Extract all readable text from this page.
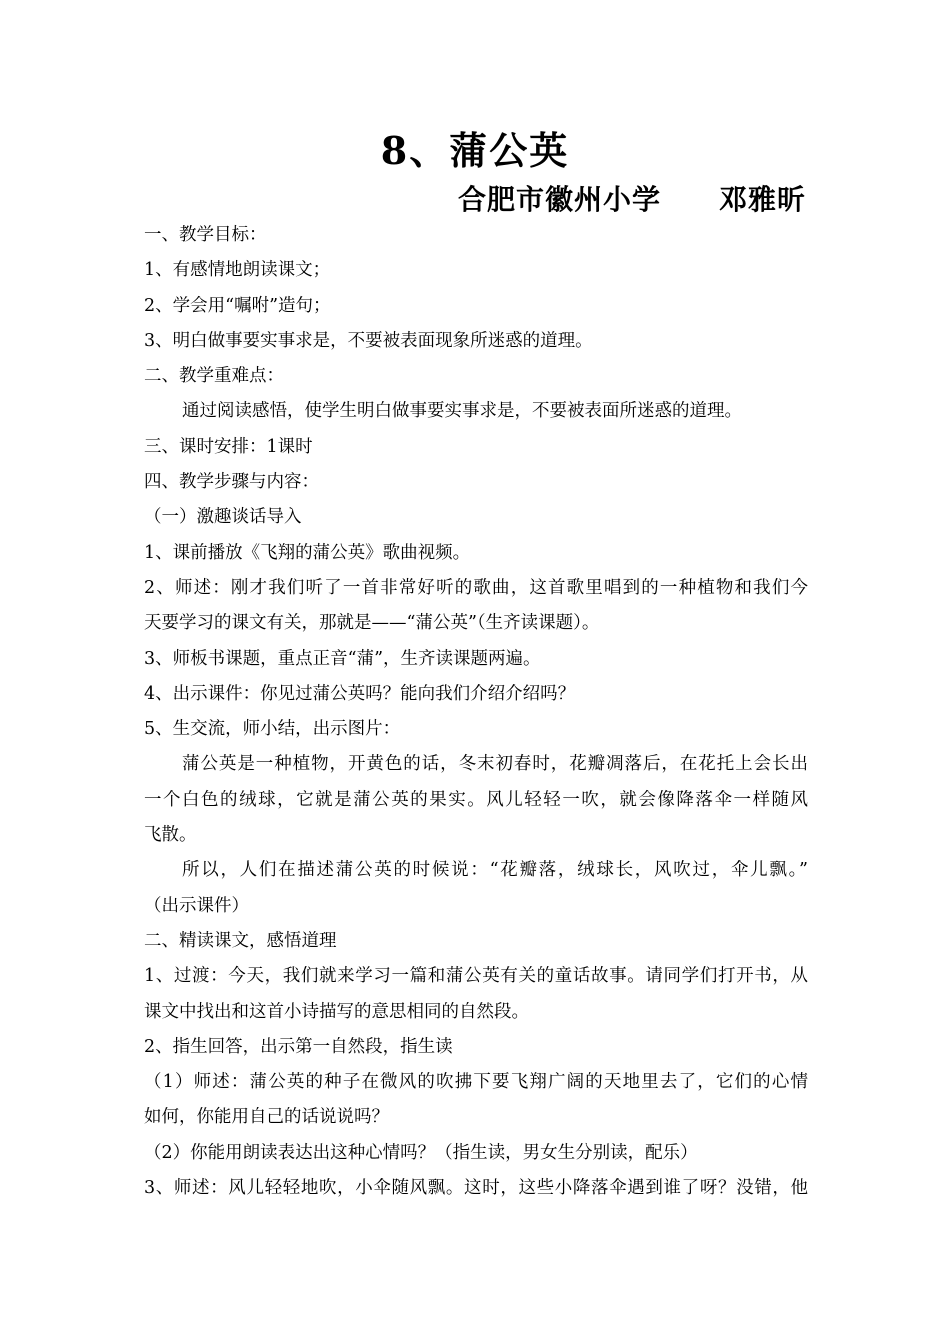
8、蒲公英
合肥市徽州小学　　邓雅昕
一、教学目标：
1、有感情地朗读课文；
2、学会用“嘱咐”造句；
3、明白做事要实事求是，不要被表面现象所迷惑的道理。
二、教学重难点：
通过阅读感悟，使学生明白做事要实事求是，不要被表面所迷惑的道理。
三、课时安排：1课时
四、教学步骤与内容：
（一）激趣谈话导入
1、课前播放《飞翔的蒲公英》歌曲视频。
2、师述：刚才我们听了一首非常好听的歌曲，这首歌里唱到的一种植物和我们今
天要学习的课文有关，那就是——“蒲公英”（生齐读课题）。
3、师板书课题，重点正音“蒲”，生齐读课题两遍。
4、出示课件：你见过蒲公英吗？能向我们介绍介绍吗？
5、生交流，师小结，出示图片：
蒲公英是一种植物，开黄色的话，冬末初春时，花瓣凋落后，在花托上会长出
一个白色的绒球，它就是蒲公英的果实。风儿轻轻一吹，就会像降落伞一样随风
飞散。
所以，人们在描述蒲公英的时候说：“花瓣落，绒球长，风吹过，伞儿飘。”
（出示课件）
二、精读课文，感悟道理
1、过渡：今天，我们就来学习一篇和蒲公英有关的童话故事。请同学们打开书，从
课文中找出和这首小诗描写的意思相同的自然段。
2、指生回答，出示第一自然段，指生读
（1）师述：蒲公英的种子在微风的吹拂下要飞翔广阔的天地里去了，它们的心情
如何，你能用自己的话说说吗？
（2）你能用朗读表达出这种心情吗？（指生读，男女生分别读，配乐）
3、师述：风儿轻轻地吹，小伞随风飘。这时，这些小降落伞遇到谁了呀？没错，他
